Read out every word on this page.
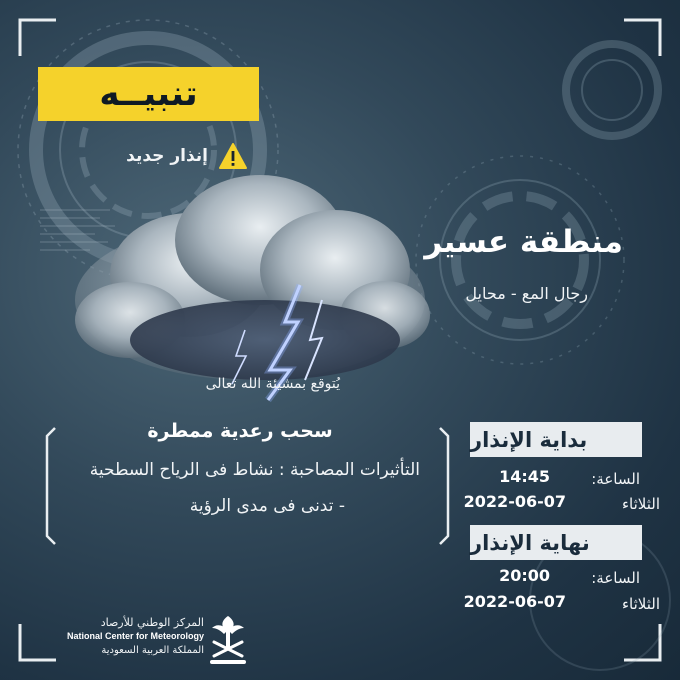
تنبيــه
إنذار جديد
منطقة عسير
رجال المع - محايل
يُتوقع بمشيئة الله تعالى
سحب رعدية ممطرة
التأثيرات المصاحبة : نشاط فى الرياح السطحية
- تدنى فى مدى الرؤية
بداية الإنذار
الساعة:
14:45
الثلاثاء
2022-06-07
نهاية الإنذار
الساعة:
20:00
الثلاثاء
2022-06-07
المركز الوطني للأرصاد
National Center for Meteorology
المملكة العربية السعودية
